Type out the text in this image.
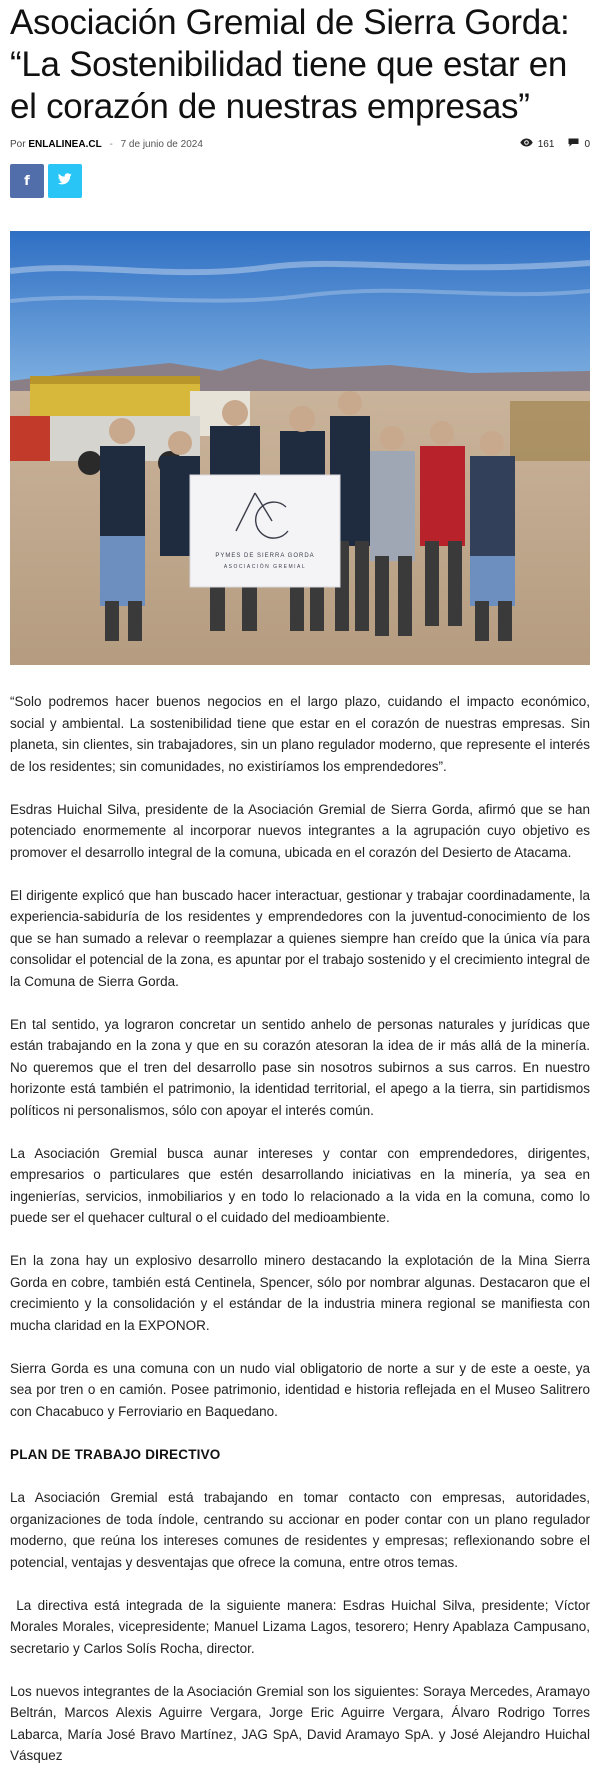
Asociación Gremial de Sierra Gorda: “La Sostenibilidad tiene que estar en el corazón de nuestras empresas”
Por ENLALINEA.CL - 7 de junio de 2024	161	0
f
PYMES DE SIERRA GORDA
ASOCIACIÓN GREMIAL

“Solo podremos hacer buenos negocios en el largo plazo, cuidando el impacto económico, social y ambiental. La sostenibilidad tiene que estar en el corazón de nuestras empresas. Sin planeta, sin clientes, sin trabajadores, sin un plano regulador moderno, que represente el interés de los residentes; sin comunidades, no existiríamos los emprendedores”.

Esdras Huichal Silva, presidente de la Asociación Gremial de Sierra Gorda, afirmó que se han potenciado enormemente al incorporar nuevos integrantes a la agrupación cuyo objetivo es promover el desarrollo integral de la comuna, ubicada en el corazón del Desierto de Atacama.

El dirigente explicó que han buscado hacer interactuar, gestionar y trabajar coordinadamente, la experiencia-sabiduría de los residentes y emprendedores con la juventud-conocimiento de los que se han sumado a relevar o reemplazar a quienes siempre han creído que la única vía para consolidar el potencial de la zona, es apuntar por el trabajo sostenido y el crecimiento integral de la Comuna de Sierra Gorda.

En tal sentido, ya lograron concretar un sentido anhelo de personas naturales y jurídicas que están trabajando en la zona y que en su corazón atesoran la idea de ir más allá de la minería. No queremos que el tren del desarrollo pase sin nosotros subirnos a sus carros. En nuestro horizonte está también el patrimonio, la identidad territorial, el apego a la tierra, sin partidismos políticos ni personalismos, sólo con apoyar el interés común.

La Asociación Gremial busca aunar intereses y contar con emprendedores, dirigentes, empresarios o particulares que estén desarrollando iniciativas en la minería, ya sea en ingenierías, servicios, inmobiliarios y en todo lo relacionado a la vida en la comuna, como lo puede ser el quehacer cultural o el cuidado del medioambiente.

En la zona hay un explosivo desarrollo minero destacando la explotación de la Mina Sierra Gorda en cobre, también está Centinela, Spencer, sólo por nombrar algunas. Destacaron que el crecimiento y la consolidación y el estándar de la industria minera regional se manifiesta con mucha claridad en la EXPONOR.

Sierra Gorda es una comuna con un nudo vial obligatorio de norte a sur y de este a oeste, ya sea por tren o en camión. Posee patrimonio, identidad e historia reflejada en el Museo Salitrero con Chacabuco y Ferroviario en Baquedano.

PLAN DE TRABAJO DIRECTIVO

La Asociación Gremial está trabajando en tomar contacto con empresas, autoridades, organizaciones de toda índole, centrando su accionar en poder contar con un plano regulador moderno, que reúna los intereses comunes de residentes y empresas; reflexionando sobre el potencial, ventajas y desventajas que ofrece la comuna, entre otros temas.

La directiva está integrada de la siguiente manera: Esdras Huichal Silva, presidente; Víctor Morales Morales, vicepresidente; Manuel Lizama Lagos, tesorero; Henry Apablaza Campusano, secretario y Carlos Solís Rocha, director.

Los nuevos integrantes de la Asociación Gremial son los siguientes: Soraya Mercedes, Aramayo Beltrán, Marcos Alexis Aguirre Vergara, Jorge Eric Aguirre Vergara, Álvaro Rodrigo Torres Labarca, María José Bravo Martínez, JAG SpA, David Aramayo SpA. y José Alejandro Huichal Vásquez
